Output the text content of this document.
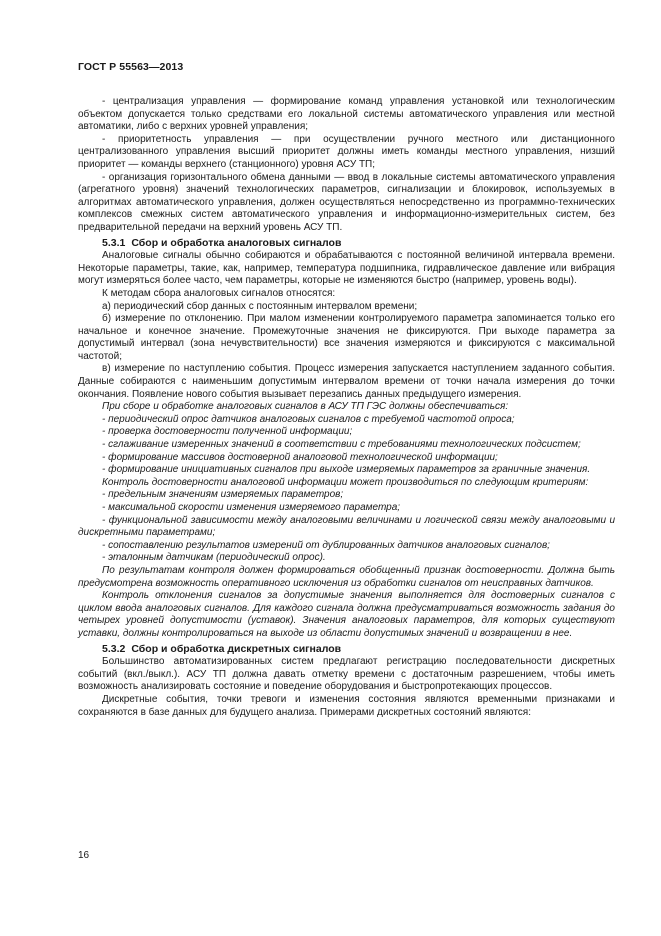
ГОСТ Р 55563—2013

- централизация управления — формирование команд управления установкой или технологическим объектом допускается только средствами его локальной системы автоматического управления или местной автоматики, либо с верхних уровней управления;

- приоритетность управления — при осуществлении ручного местного или дистанционного централизованного управления высший приоритет должны иметь команды местного управления, низший приоритет — команды верхнего (станционного) уровня АСУ ТП;

- организация горизонтального обмена данными — ввод в локальные системы автоматического управления (агрегатного уровня) значений технологических параметров, сигнализации и блокировок, используемых в алгоритмах автоматического управления, должен осуществляться непосредственно из программно-технических комплексов смежных систем автоматического управления и информационно-измерительных систем, без предварительной передачи на верхний уровень АСУ ТП.

5.3.1 Сбор и обработка аналоговых сигналов

Аналоговые сигналы обычно собираются и обрабатываются с постоянной величиной интервала времени. Некоторые параметры, такие, как, например, температура подшипника, гидравлическое давление или вибрация могут измеряться более часто, чем параметры, которые не изменяются быстро (например, уровень воды).

К методам сбора аналоговых сигналов относятся:

а) периодический сбор данных с постоянным интервалом времени;

б) измерение по отклонению. При малом изменении контролируемого параметра запоминается только его начальное и конечное значение. Промежуточные значения не фиксируются. При выходе параметра за допустимый интервал (зона нечувствительности) все значения измеряются и фиксируются с максимальной частотой;

в) измерение по наступлению события. Процесс измерения запускается наступлением заданного события. Данные собираются с наименьшим допустимым интервалом времени от точки начала измерения до точки окончания. Появление нового события вызывает перезапись данных предыдущего измерения.

При сборе и обработке аналоговых сигналов в АСУ ТП ГЭС должны обеспечиваться:

- периодический опрос датчиков аналоговых сигналов с требуемой частотой опроса;

- проверка достоверности полученной информации;

- сглаживание измеренных значений в соответствии с требованиями технологических подсистем;

- формирование массивов достоверной аналоговой технологической информации;

- формирование инициативных сигналов при выходе измеряемых параметров за граничные значения.

Контроль достоверности аналоговой информации может производиться по следующим критериям:

- предельным значениям измеряемых параметров;

- максимальной скорости изменения измеряемого параметра;

- функциональной зависимости между аналоговыми величинами и логической связи между аналоговыми и дискретными параметрами;

- сопоставлению результатов измерений от дублированных датчиков аналоговых сигналов;

- эталонным датчикам (периодический опрос).

По результатам контроля должен формироваться обобщенный признак достоверности. Должна быть предусмотрена возможность оперативного исключения из обработки сигналов от неисправных датчиков.

Контроль отклонения сигналов за допустимые значения выполняется для достоверных сигналов с циклом ввода аналоговых сигналов. Для каждого сигнала должна предусматриваться возможность задания до четырех уровней допустимости (уставок). Значения аналоговых параметров, для которых существуют уставки, должны контролироваться на выходе из области допустимых значений и возвращении в нее.

5.3.2 Сбор и обработка дискретных сигналов

Большинство автоматизированных систем предлагают регистрацию последовательности дискретных событий (вкл./выкл.). АСУ ТП должна давать отметку времени с достаточным разрешением, чтобы иметь возможность анализировать состояние и поведение оборудования и быстропротекающих процессов.

Дискретные события, точки тревоги и изменения состояния являются временными признаками и сохраняются в базе данных для будущего анализа. Примерами дискретных состояний являются:

16
